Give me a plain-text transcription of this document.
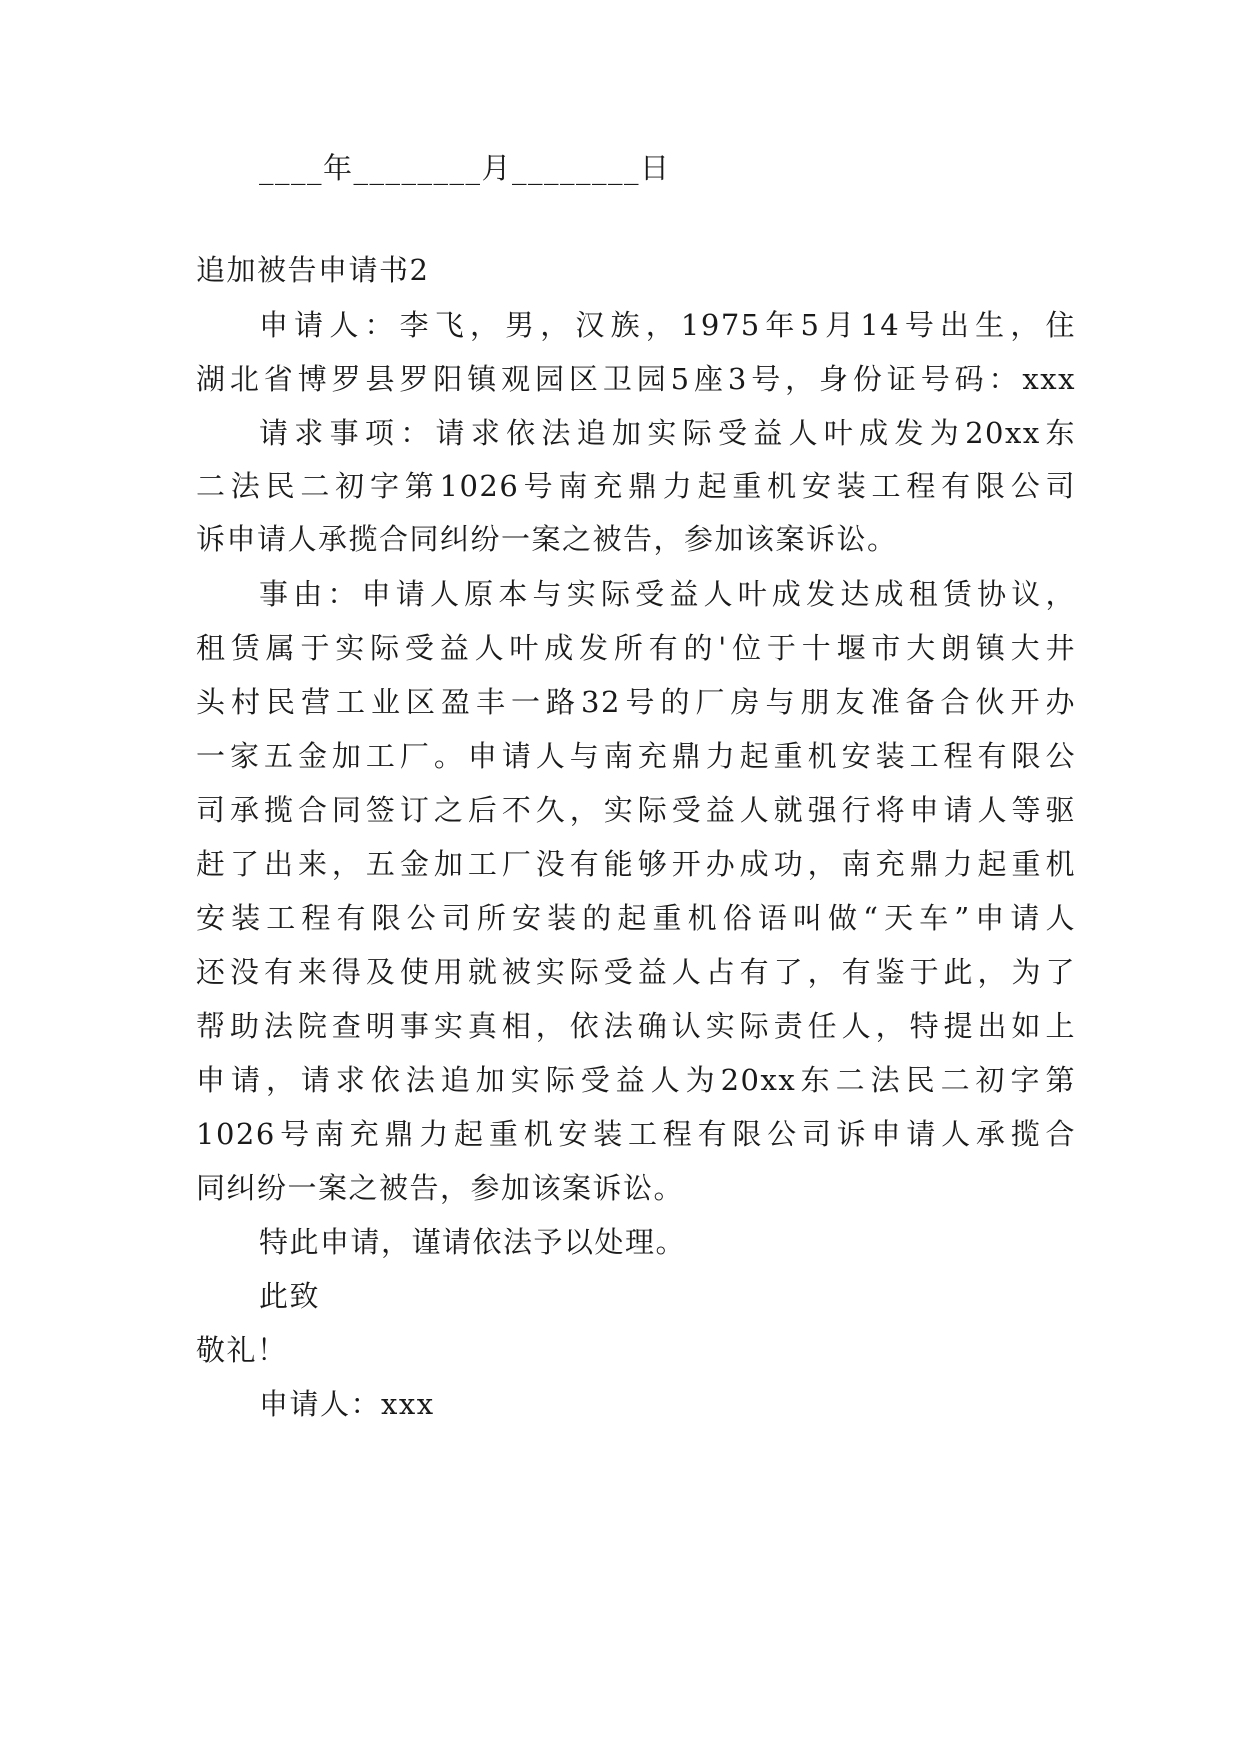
____年________月________日
追加被告申请书2
申请人：李飞，男，汉族，1975年5月14号出生，住
湖北省博罗县罗阳镇观园区卫园5座3号，身份证号码：xxx
请求事项：请求依法追加实际受益人叶成发为20xx东
二法民二初字第1026号南充鼎力起重机安装工程有限公司
诉申请人承揽合同纠纷一案之被告，参加该案诉讼。
事由：申请人原本与实际受益人叶成发达成租赁协议，
租赁属于实际受益人叶成发所有的'位于十堰市大朗镇大井
头村民营工业区盈丰一路32号的厂房与朋友准备合伙开办
一家五金加工厂。申请人与南充鼎力起重机安装工程有限公
司承揽合同签订之后不久，实际受益人就强行将申请人等驱
赶了出来，五金加工厂没有能够开办成功，南充鼎力起重机
安装工程有限公司所安装的起重机俗语叫做“天车”申请人
还没有来得及使用就被实际受益人占有了，有鉴于此，为了
帮助法院查明事实真相，依法确认实际责任人，特提出如上
申请，请求依法追加实际受益人为20xx东二法民二初字第
1026号南充鼎力起重机安装工程有限公司诉申请人承揽合
同纠纷一案之被告，参加该案诉讼。
特此申请，谨请依法予以处理。
此致
敬礼！
申请人：xxx
